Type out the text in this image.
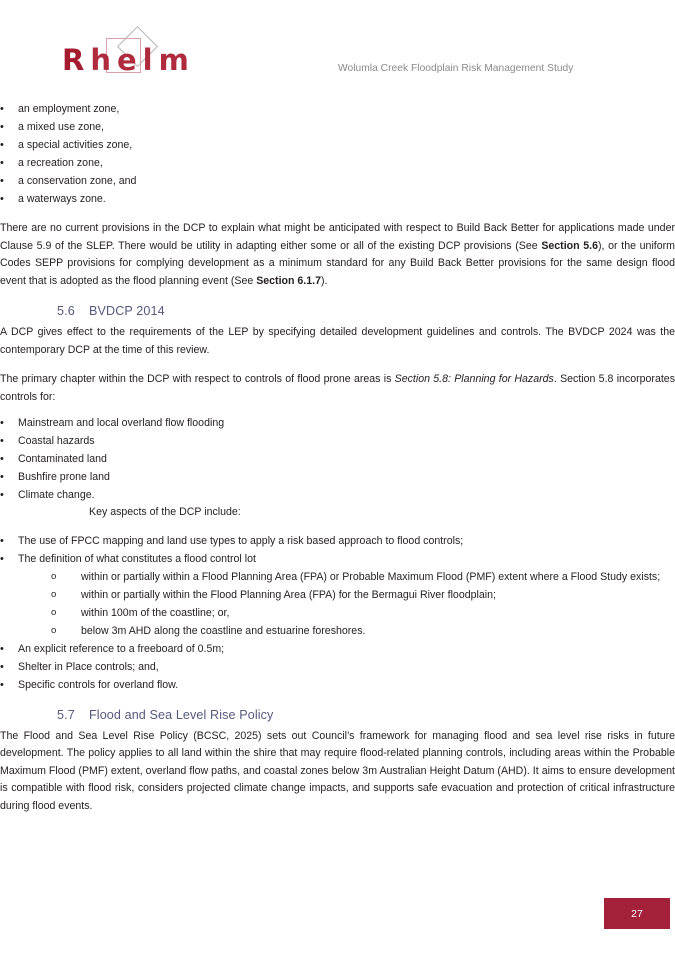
Rhelm	Wolumla Creek Floodplain Risk Management Study
• an employment zone,
• a mixed use zone,
• a special activities zone,
• a recreation zone,
• a conservation zone, and
• a waterways zone.

There are no current provisions in the DCP to explain what might be anticipated with respect to Build Back Better for applications made under Clause 5.9 of the SLEP. There would be utility in adapting either some or all of the existing DCP provisions (See Section 5.6), or the uniform Codes SEPP provisions for complying development as a minimum standard for any Build Back Better provisions for the same design flood event that is adopted as the flood planning event (See Section 6.1.7).

5.6	BVDCP 2014

A DCP gives effect to the requirements of the LEP by specifying detailed development guidelines and controls. The BVDCP 2024 was the contemporary DCP at the time of this review.

The primary chapter within the DCP with respect to controls of flood prone areas is Section 5.8: Planning for Hazards. Section 5.8 incorporates controls for:

• Mainstream and local overland flow flooding
• Coastal hazards
• Contaminated land
• Bushfire prone land
• Climate change.
Key aspects of the DCP include:
• The use of FPCC mapping and land use types to apply a risk based approach to flood controls;
• The definition of what constitutes a flood control lot
o within or partially within a Flood Planning Area (FPA) or Probable Maximum Flood (PMF) extent where a Flood Study exists;
o within or partially within the Flood Planning Area (FPA) for the Bermagui River floodplain;
o within 100m of the coastline; or,
o below 3m AHD along the coastline and estuarine foreshores.
• An explicit reference to a freeboard of 0.5m;
• Shelter in Place controls; and,
• Specific controls for overland flow.
5.7	Flood and Sea Level Rise Policy

The Flood and Sea Level Rise Policy (BCSC, 2025) sets out Council’s framework for managing flood and sea level rise risks in future development. The policy applies to all land within the shire that may require flood-related planning controls, including areas within the Probable Maximum Flood (PMF) extent, overland flow paths, and coastal zones below 3m Australian Height Datum (AHD). It aims to ensure development is compatible with flood risk, considers projected climate change impacts, and supports safe evacuation and protection of critical infrastructure during flood events.

27
